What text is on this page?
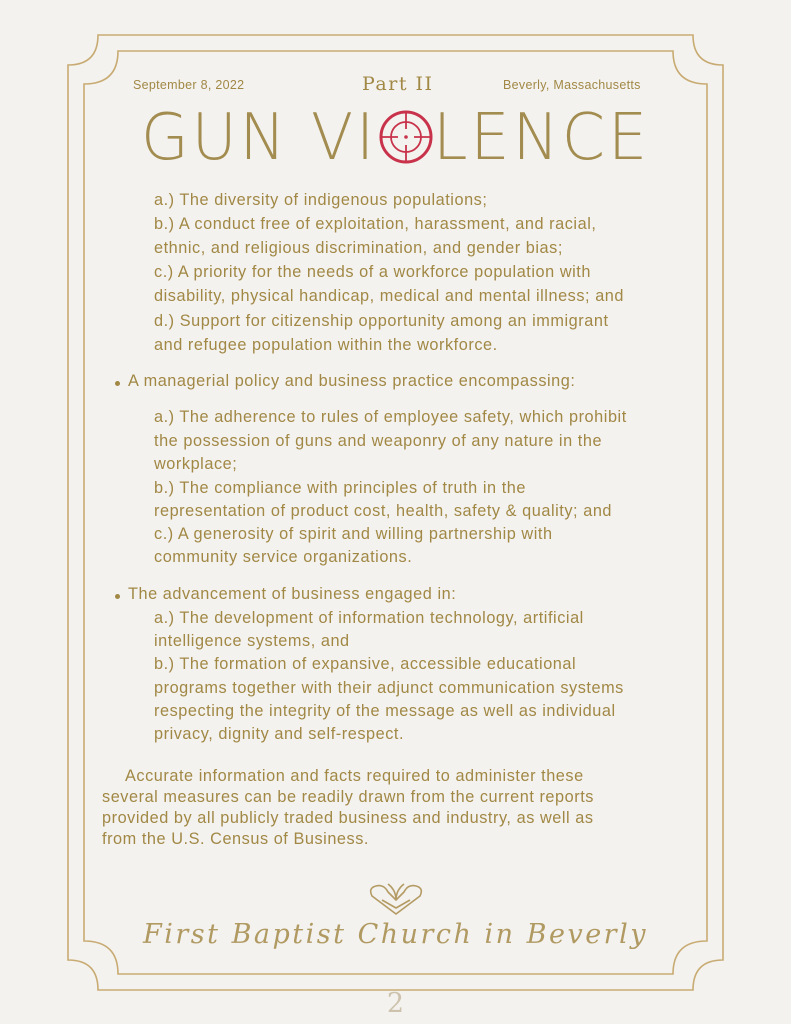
September 8, 2022	Part II	Beverly, Massachusetts
GUN VI LENCE
a.) The diversity of indigenous populations;
b.) A conduct free of exploitation, harassment, and racial,
ethnic, and religious discrimination, and gender bias;
c.) A priority for the needs of a workforce population with
disability, physical handicap, medical and mental illness; and
d.) Support for citizenship opportunity among an immigrant
and refugee population within the workforce.
A managerial policy and business practice encompassing:
a.) The adherence to rules of employee safety, which prohibit
the possession of guns and weaponry of any nature in the
workplace;
b.) The compliance with principles of truth in the
representation of product cost, health, safety & quality; and
c.) A generosity of spirit and willing partnership with
community service organizations.
The advancement of business engaged in:
a.) The development of information technology, artificial
intelligence systems, and
b.) The formation of expansive, accessible educational
programs together with their adjunct communication systems
respecting the integrity of the message as well as individual
privacy, dignity and self-respect.
Accurate information and facts required to administer these
several measures can be readily drawn from the current reports
provided by all publicly traded business and industry, as well as
from the U.S. Census of Business.
First Baptist Church in Beverly
2
